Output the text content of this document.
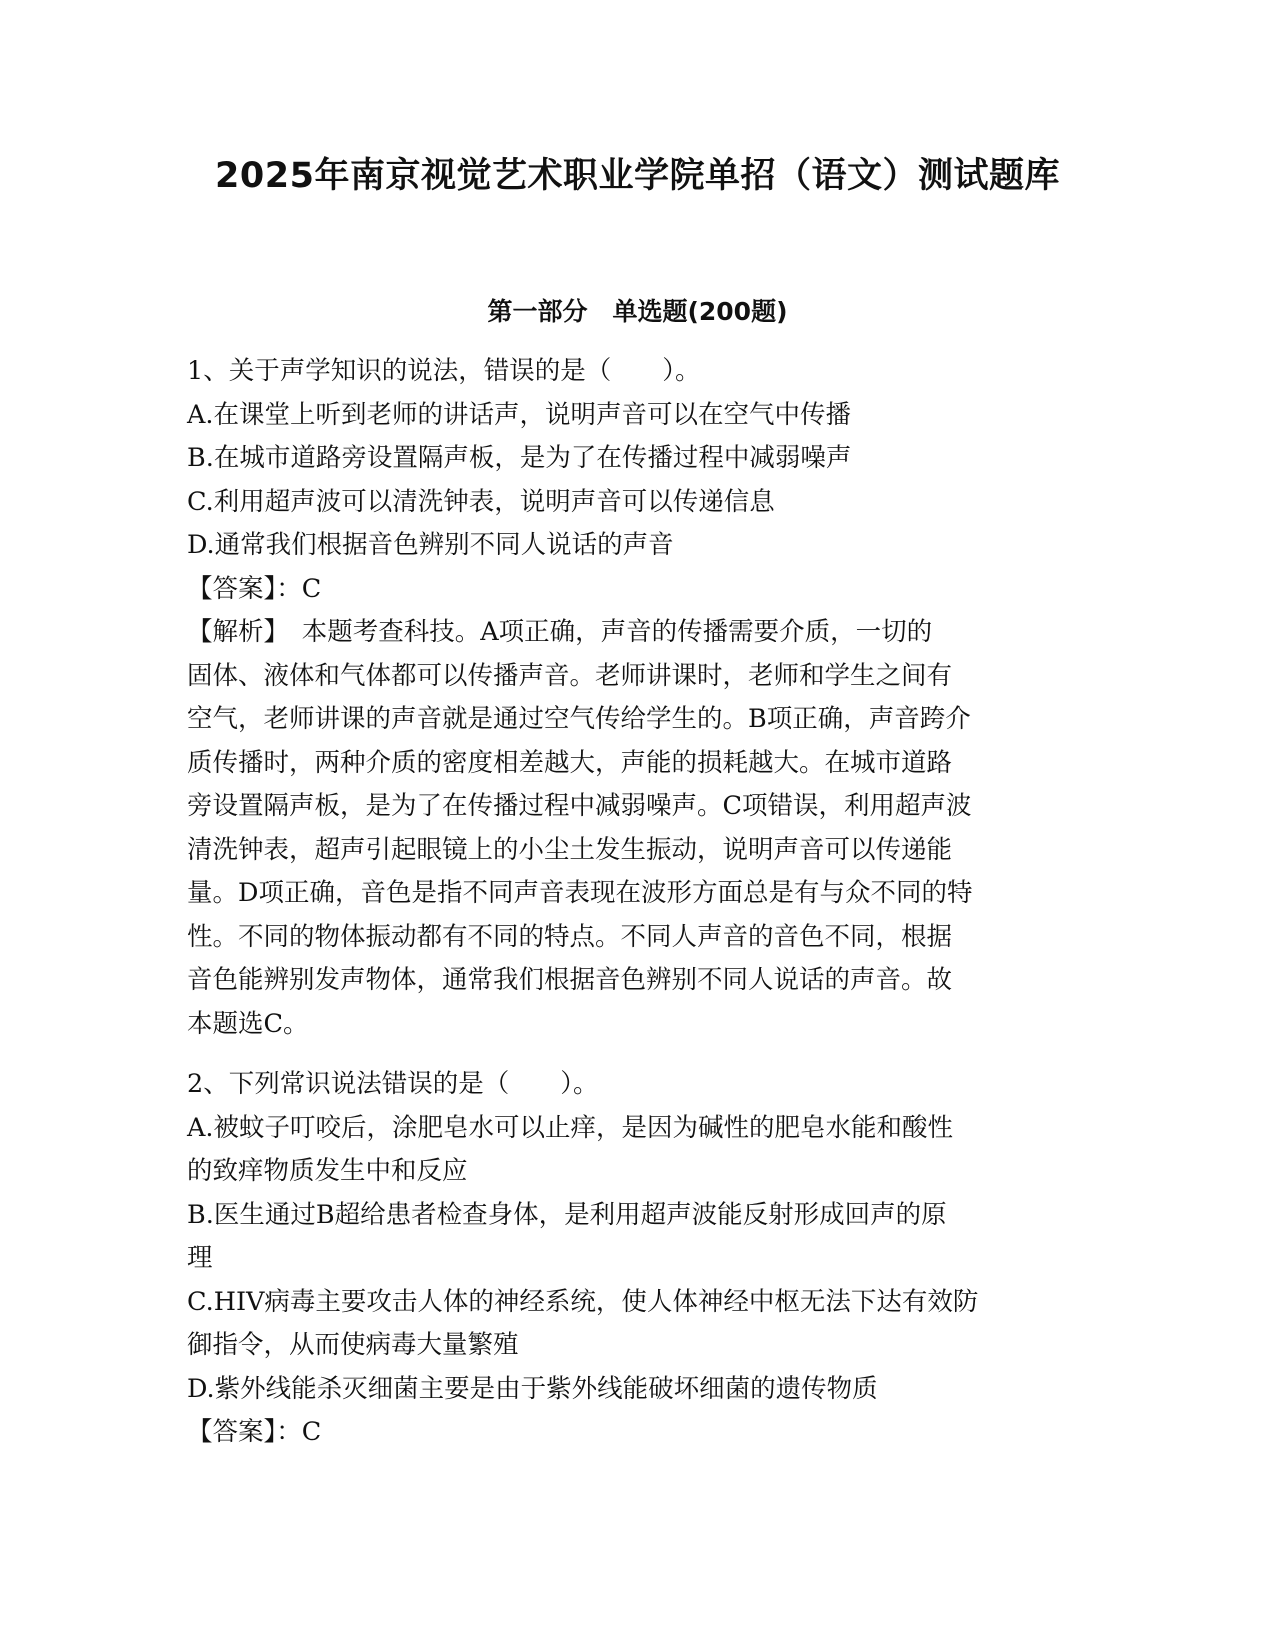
2025年南京视觉艺术职业学院单招（语文）测试题库
第一部分　单选题(200题)
1、关于声学知识的说法，错误的是（　　）。
A.在课堂上听到老师的讲话声，说明声音可以在空气中传播
B.在城市道路旁设置隔声板，是为了在传播过程中减弱噪声
C.利用超声波可以清洗钟表，说明声音可以传递信息
D.通常我们根据音色辨别不同人说话的声音
【答案】：C
【解析】　本题考查科技。A项正确，声音的传播需要介质，一切的
固体、液体和气体都可以传播声音。老师讲课时，老师和学生之间有
空气，老师讲课的声音就是通过空气传给学生的。B项正确，声音跨介
质传播时，两种介质的密度相差越大，声能的损耗越大。在城市道路
旁设置隔声板，是为了在传播过程中减弱噪声。C项错误，利用超声波
清洗钟表，超声引起眼镜上的小尘土发生振动，说明声音可以传递能
量。D项正确，音色是指不同声音表现在波形方面总是有与众不同的特
性。不同的物体振动都有不同的特点。不同人声音的音色不同，根据
音色能辨别发声物体，通常我们根据音色辨别不同人说话的声音。故
本题选C。
2、下列常识说法错误的是（　　）。
A.被蚊子叮咬后，涂肥皂水可以止痒，是因为碱性的肥皂水能和酸性
的致痒物质发生中和反应
B.医生通过B超给患者检查身体，是利用超声波能反射形成回声的原
理
C.HIV病毒主要攻击人体的神经系统，使人体神经中枢无法下达有效防
御指令，从而使病毒大量繁殖
D.紫外线能杀灭细菌主要是由于紫外线能破坏细菌的遗传物质
【答案】：C
